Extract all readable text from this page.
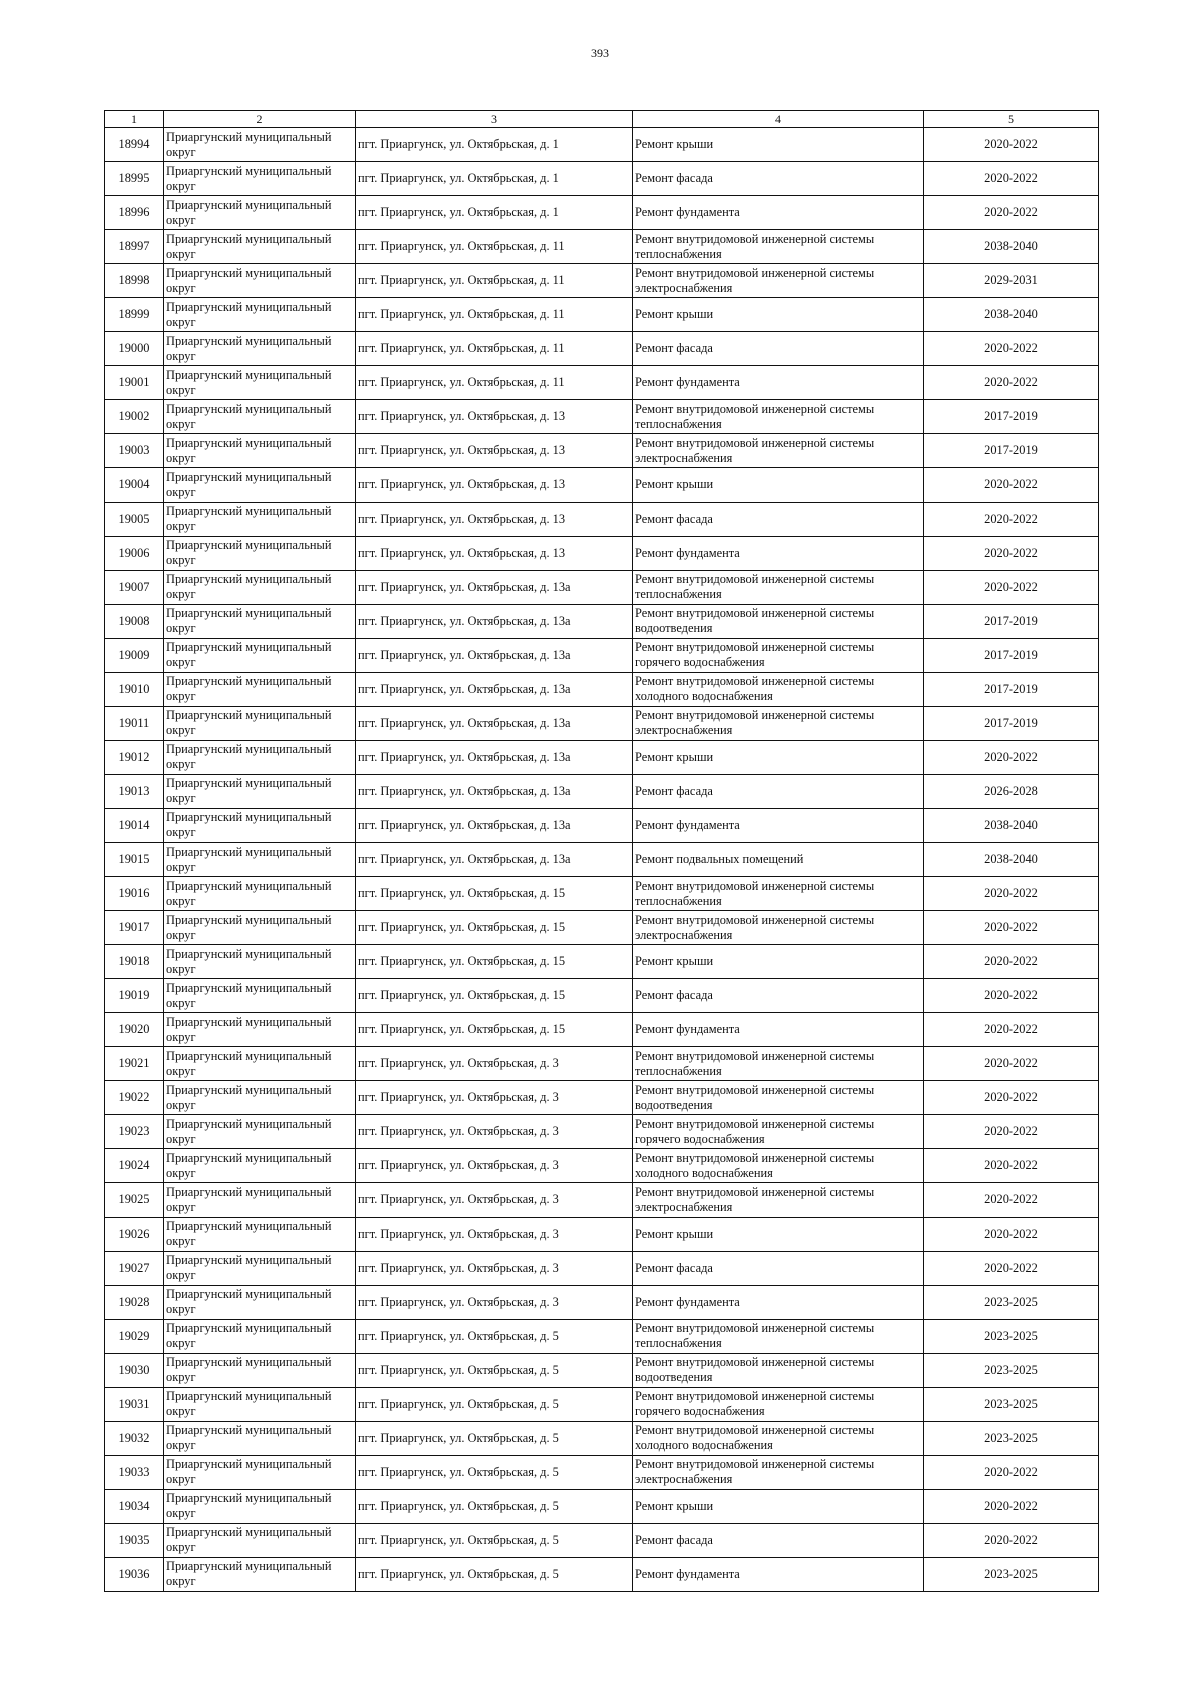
393
1	2	3	4	5
18994	Приаргунский муниципальный округ	пгт. Приаргунск, ул. Октябрьская, д. 1	Ремонт крыши	2020-2022
18995	Приаргунский муниципальный округ	пгт. Приаргунск, ул. Октябрьская, д. 1	Ремонт фасада	2020-2022
18996	Приаргунский муниципальный округ	пгт. Приаргунск, ул. Октябрьская, д. 1	Ремонт фундамента	2020-2022
18997	Приаргунский муниципальный округ	пгт. Приаргунск, ул. Октябрьская, д. 11	Ремонт внутридомовой инженерной системы теплоснабжения	2038-2040
18998	Приаргунский муниципальный округ	пгт. Приаргунск, ул. Октябрьская, д. 11	Ремонт внутридомовой инженерной системы электроснабжения	2029-2031
18999	Приаргунский муниципальный округ	пгт. Приаргунск, ул. Октябрьская, д. 11	Ремонт крыши	2038-2040
19000	Приаргунский муниципальный округ	пгт. Приаргунск, ул. Октябрьская, д. 11	Ремонт фасада	2020-2022
19001	Приаргунский муниципальный округ	пгт. Приаргунск, ул. Октябрьская, д. 11	Ремонт фундамента	2020-2022
19002	Приаргунский муниципальный округ	пгт. Приаргунск, ул. Октябрьская, д. 13	Ремонт внутридомовой инженерной системы теплоснабжения	2017-2019
19003	Приаргунский муниципальный округ	пгт. Приаргунск, ул. Октябрьская, д. 13	Ремонт внутридомовой инженерной системы электроснабжения	2017-2019
19004	Приаргунский муниципальный округ	пгт. Приаргунск, ул. Октябрьская, д. 13	Ремонт крыши	2020-2022
19005	Приаргунский муниципальный округ	пгт. Приаргунск, ул. Октябрьская, д. 13	Ремонт фасада	2020-2022
19006	Приаргунский муниципальный округ	пгт. Приаргунск, ул. Октябрьская, д. 13	Ремонт фундамента	2020-2022
19007	Приаргунский муниципальный округ	пгт. Приаргунск, ул. Октябрьская, д. 13а	Ремонт внутридомовой инженерной системы теплоснабжения	2020-2022
19008	Приаргунский муниципальный округ	пгт. Приаргунск, ул. Октябрьская, д. 13а	Ремонт внутридомовой инженерной системы водоотведения	2017-2019
19009	Приаргунский муниципальный округ	пгт. Приаргунск, ул. Октябрьская, д. 13а	Ремонт внутридомовой инженерной системы горячего водоснабжения	2017-2019
19010	Приаргунский муниципальный округ	пгт. Приаргунск, ул. Октябрьская, д. 13а	Ремонт внутридомовой инженерной системы холодного водоснабжения	2017-2019
19011	Приаргунский муниципальный округ	пгт. Приаргунск, ул. Октябрьская, д. 13а	Ремонт внутридомовой инженерной системы электроснабжения	2017-2019
19012	Приаргунский муниципальный округ	пгт. Приаргунск, ул. Октябрьская, д. 13а	Ремонт крыши	2020-2022
19013	Приаргунский муниципальный округ	пгт. Приаргунск, ул. Октябрьская, д. 13а	Ремонт фасада	2026-2028
19014	Приаргунский муниципальный округ	пгт. Приаргунск, ул. Октябрьская, д. 13а	Ремонт фундамента	2038-2040
19015	Приаргунский муниципальный округ	пгт. Приаргунск, ул. Октябрьская, д. 13а	Ремонт подвальных помещений	2038-2040
19016	Приаргунский муниципальный округ	пгт. Приаргунск, ул. Октябрьская, д. 15	Ремонт внутридомовой инженерной системы теплоснабжения	2020-2022
19017	Приаргунский муниципальный округ	пгт. Приаргунск, ул. Октябрьская, д. 15	Ремонт внутридомовой инженерной системы электроснабжения	2020-2022
19018	Приаргунский муниципальный округ	пгт. Приаргунск, ул. Октябрьская, д. 15	Ремонт крыши	2020-2022
19019	Приаргунский муниципальный округ	пгт. Приаргунск, ул. Октябрьская, д. 15	Ремонт фасада	2020-2022
19020	Приаргунский муниципальный округ	пгт. Приаргунск, ул. Октябрьская, д. 15	Ремонт фундамента	2020-2022
19021	Приаргунский муниципальный округ	пгт. Приаргунск, ул. Октябрьская, д. 3	Ремонт внутридомовой инженерной системы теплоснабжения	2020-2022
19022	Приаргунский муниципальный округ	пгт. Приаргунск, ул. Октябрьская, д. 3	Ремонт внутридомовой инженерной системы водоотведения	2020-2022
19023	Приаргунский муниципальный округ	пгт. Приаргунск, ул. Октябрьская, д. 3	Ремонт внутридомовой инженерной системы горячего водоснабжения	2020-2022
19024	Приаргунский муниципальный округ	пгт. Приаргунск, ул. Октябрьская, д. 3	Ремонт внутридомовой инженерной системы холодного водоснабжения	2020-2022
19025	Приаргунский муниципальный округ	пгт. Приаргунск, ул. Октябрьская, д. 3	Ремонт внутридомовой инженерной системы электроснабжения	2020-2022
19026	Приаргунский муниципальный округ	пгт. Приаргунск, ул. Октябрьская, д. 3	Ремонт крыши	2020-2022
19027	Приаргунский муниципальный округ	пгт. Приаргунск, ул. Октябрьская, д. 3	Ремонт фасада	2020-2022
19028	Приаргунский муниципальный округ	пгт. Приаргунск, ул. Октябрьская, д. 3	Ремонт фундамента	2023-2025
19029	Приаргунский муниципальный округ	пгт. Приаргунск, ул. Октябрьская, д. 5	Ремонт внутридомовой инженерной системы теплоснабжения	2023-2025
19030	Приаргунский муниципальный округ	пгт. Приаргунск, ул. Октябрьская, д. 5	Ремонт внутридомовой инженерной системы водоотведения	2023-2025
19031	Приаргунский муниципальный округ	пгт. Приаргунск, ул. Октябрьская, д. 5	Ремонт внутридомовой инженерной системы горячего водоснабжения	2023-2025
19032	Приаргунский муниципальный округ	пгт. Приаргунск, ул. Октябрьская, д. 5	Ремонт внутридомовой инженерной системы холодного водоснабжения	2023-2025
19033	Приаргунский муниципальный округ	пгт. Приаргунск, ул. Октябрьская, д. 5	Ремонт внутридомовой инженерной системы электроснабжения	2020-2022
19034	Приаргунский муниципальный округ	пгт. Приаргунск, ул. Октябрьская, д. 5	Ремонт крыши	2020-2022
19035	Приаргунский муниципальный округ	пгт. Приаргунск, ул. Октябрьская, д. 5	Ремонт фасада	2020-2022
19036	Приаргунский муниципальный округ	пгт. Приаргунск, ул. Октябрьская, д. 5	Ремонт фундамента	2023-2025
